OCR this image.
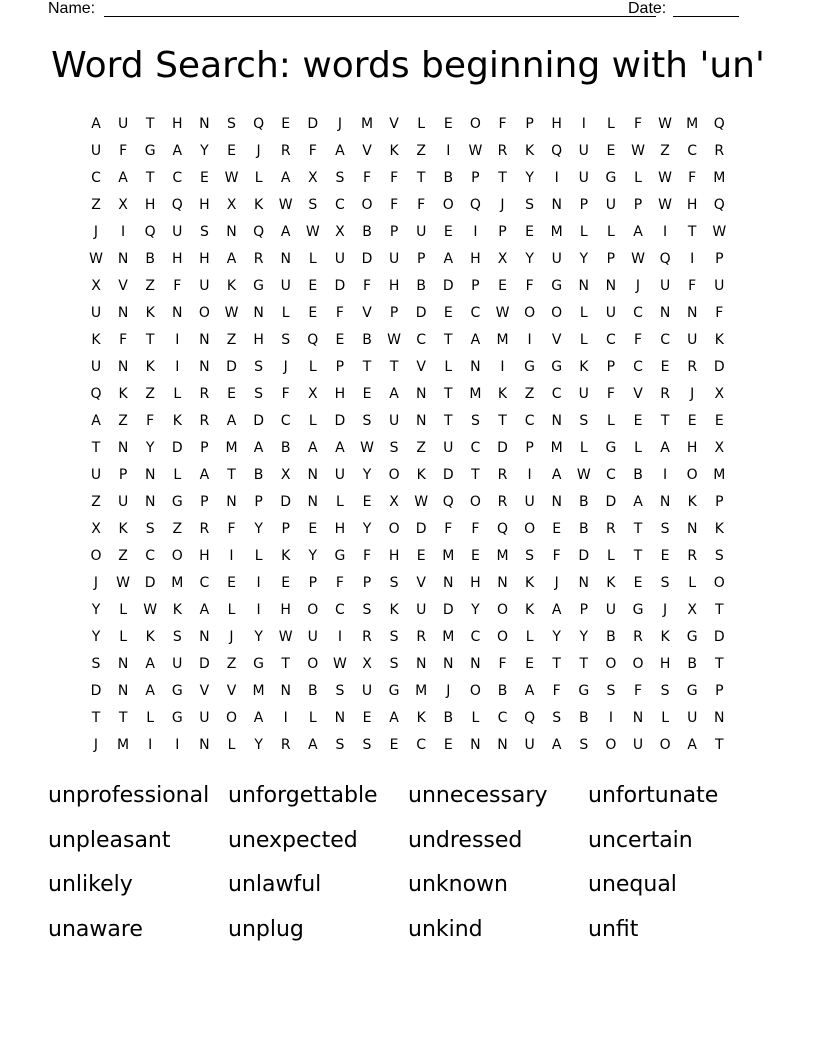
Name:	Date:
Word Search: words beginning with 'un'
A	U	T	H	N	S	Q	E	D	J	M	V	L	E	O	F	P	H	I	L	F	W	M	Q
U	F	G	A	Y	E	J	R	F	A	V	K	Z	I	W	R	K	Q	U	E	W	Z	C	R
C	A	T	C	E	W	L	A	X	S	F	F	T	B	P	T	Y	I	U	G	L	W	F	M
Z	X	H	Q	H	X	K	W	S	C	O	F	F	O	Q	J	S	N	P	U	P	W	H	Q
J	I	Q	U	S	N	Q	A	W	X	B	P	U	E	I	P	E	M	L	L	A	I	T	W
W	N	B	H	H	A	R	N	L	U	D	U	P	A	H	X	Y	U	Y	P	W	Q	I	P
X	V	Z	F	U	K	G	U	E	D	F	H	B	D	P	E	F	G	N	N	J	U	F	U
U	N	K	N	O	W	N	L	E	F	V	P	D	E	C	W	O	O	L	U	C	N	N	F
K	F	T	I	N	Z	H	S	Q	E	B	W	C	T	A	M	I	V	L	C	F	C	U	K
U	N	K	I	N	D	S	J	L	P	T	T	V	L	N	I	G	G	K	P	C	E	R	D
Q	K	Z	L	R	E	S	F	X	H	E	A	N	T	M	K	Z	C	U	F	V	R	J	X
A	Z	F	K	R	A	D	C	L	D	S	U	N	T	S	T	C	N	S	L	E	T	E	E
T	N	Y	D	P	M	A	B	A	A	W	S	Z	U	C	D	P	M	L	G	L	A	H	X
U	P	N	L	A	T	B	X	N	U	Y	O	K	D	T	R	I	A	W	C	B	I	O	M
Z	U	N	G	P	N	P	D	N	L	E	X	W	Q	O	R	U	N	B	D	A	N	K	P
X	K	S	Z	R	F	Y	P	E	H	Y	O	D	F	F	Q	O	E	B	R	T	S	N	K
O	Z	C	O	H	I	L	K	Y	G	F	H	E	M	E	M	S	F	D	L	T	E	R	S
J	W	D	M	C	E	I	E	P	F	P	S	V	N	H	N	K	J	N	K	E	S	L	O
Y	L	W	K	A	L	I	H	O	C	S	K	U	D	Y	O	K	A	P	U	G	J	X	T
Y	L	K	S	N	J	Y	W	U	I	R	S	R	M	C	O	L	Y	Y	B	R	K	G	D
S	N	A	U	D	Z	G	T	O	W	X	S	N	N	N	F	E	T	T	O	O	H	B	T
D	N	A	G	V	V	M	N	B	S	U	G	M	J	O	B	A	F	G	S	F	S	G	P
T	T	L	G	U	O	A	I	L	N	E	A	K	B	L	C	Q	S	B	I	N	L	U	N
J	M	I	I	N	L	Y	R	A	S	S	E	C	E	N	N	U	A	S	O	U	O	A	T
unprofessional unforgettable unnecessary unfortunate
unpleasant	unexpected undressed	uncertain
unlikely	unlawful	unknown	unequal
unaware	unplug	unkind	unfit
